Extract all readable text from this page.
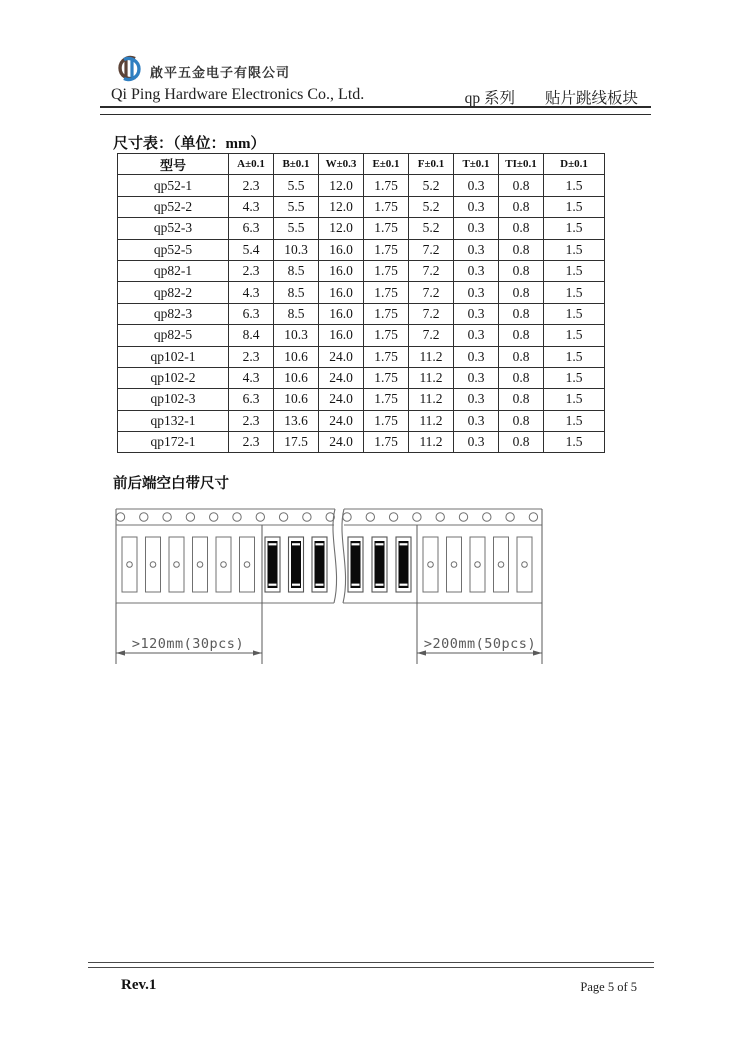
啟平五金电子有限公司
Qi Ping Hardware Electronics Co., Ltd.	qp 系列 贴片跳线板块
尺寸表：（单位：mm）
型号	A±0.1	B±0.1	W±0.3	E±0.1	F±0.1	T±0.1	TI±0.1	D±0.1
qp52-1	2.3	5.5	12.0	1.75	5.2	0.3	0.8	1.5
qp52-2	4.3	5.5	12.0	1.75	5.2	0.3	0.8	1.5
qp52-3	6.3	5.5	12.0	1.75	5.2	0.3	0.8	1.5
qp52-5	5.4	10.3	16.0	1.75	7.2	0.3	0.8	1.5
qp82-1	2.3	8.5	16.0	1.75	7.2	0.3	0.8	1.5
qp82-2	4.3	8.5	16.0	1.75	7.2	0.3	0.8	1.5
qp82-3	6.3	8.5	16.0	1.75	7.2	0.3	0.8	1.5
qp82-5	8.4	10.3	16.0	1.75	7.2	0.3	0.8	1.5
qp102-1	2.3	10.6	24.0	1.75	11.2	0.3	0.8	1.5
qp102-2	4.3	10.6	24.0	1.75	11.2	0.3	0.8	1.5
qp102-3	6.3	10.6	24.0	1.75	11.2	0.3	0.8	1.5
qp132-1	2.3	13.6	24.0	1.75	11.2	0.3	0.8	1.5
qp172-1	2.3	17.5	24.0	1.75	11.2	0.3	0.8	1.5
前后端空白带尺寸
>120mm(30pcs)	>200mm(50pcs)
Rev.1	Page 5 of 5
